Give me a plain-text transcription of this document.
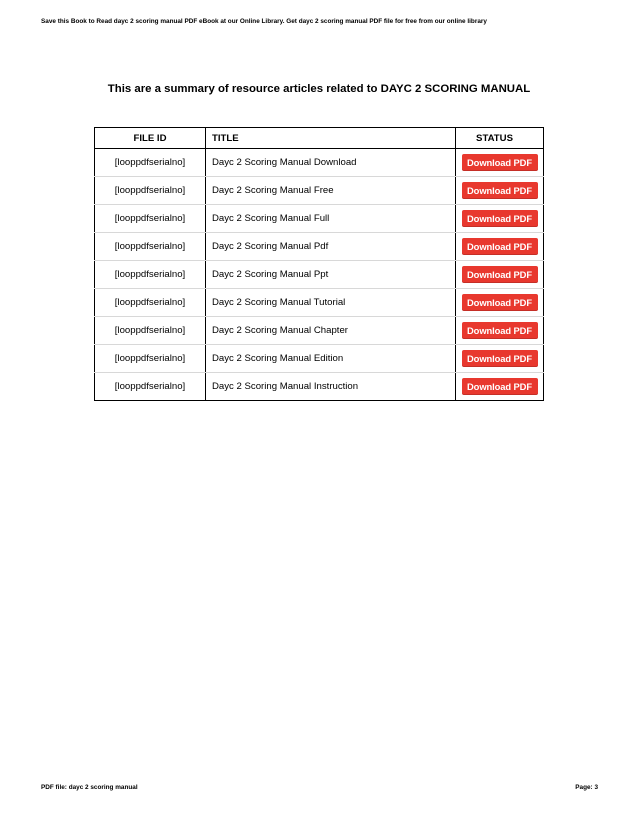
Save this Book to Read dayc 2 scoring manual PDF eBook at our Online Library. Get dayc 2 scoring manual PDF file for free from our online library
This are a summary of resource articles related to DAYC 2 SCORING MANUAL
FILE ID	TITLE	STATUS
[looppdfserialno]	Dayc 2 Scoring Manual Download	Download PDF
[looppdfserialno]	Dayc 2 Scoring Manual Free	Download PDF
[looppdfserialno]	Dayc 2 Scoring Manual Full	Download PDF
[looppdfserialno]	Dayc 2 Scoring Manual Pdf	Download PDF
[looppdfserialno]	Dayc 2 Scoring Manual Ppt	Download PDF
[looppdfserialno]	Dayc 2 Scoring Manual Tutorial	Download PDF
[looppdfserialno]	Dayc 2 Scoring Manual Chapter	Download PDF
[looppdfserialno]	Dayc 2 Scoring Manual Edition	Download PDF
[looppdfserialno]	Dayc 2 Scoring Manual Instruction	Download PDF
PDF file: dayc 2 scoring manual	Page: 3
